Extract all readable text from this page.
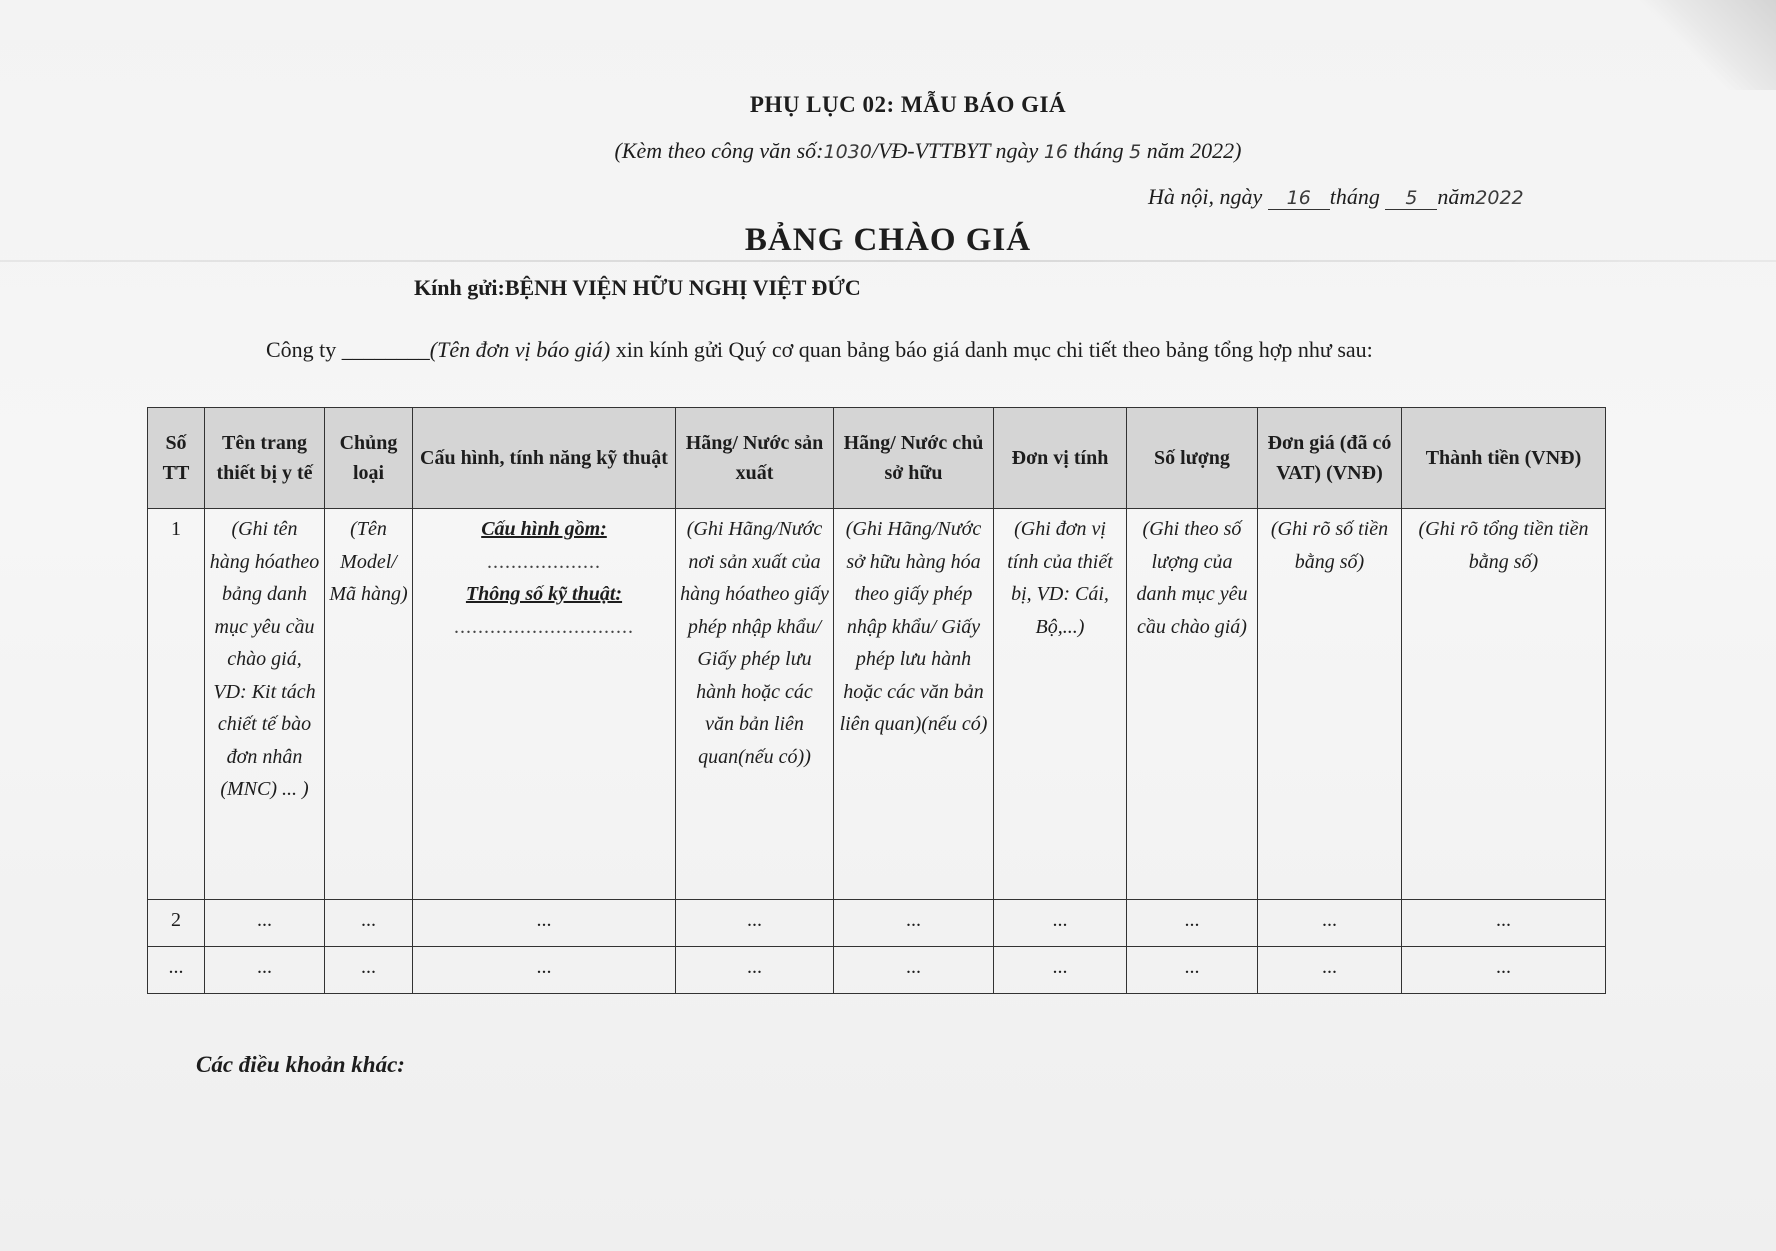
PHỤ LỤC 02: MẪU BÁO GIÁ
(Kèm theo công văn số:1030/VĐ-VTTBYT ngày 16 tháng 5 năm 2022)
Hà nội, ngày 16 tháng 5 năm2022
BẢNG CHÀO GIÁ
Kính gửi:BỆNH VIỆN HỮU NGHỊ VIỆT ĐỨC
Công ty ________(Tên đơn vị báo giá) xin kính gửi Quý cơ quan bảng báo giá danh mục chi tiết theo bảng tổng hợp như sau:
Số TT	Tên trang thiết bị y tế	Chủng loại	Cấu hình, tính năng kỹ thuật	Hãng/ Nước sản xuất	Hãng/ Nước chủ sở hữu	Đơn vị tính	Số lượng	Đơn giá (đã có VAT) (VNĐ)	Thành tiền (VNĐ)
1	(Ghi tên hàng hóatheo bảng danh mục yêu cầu chào giá, VD: Kit tách chiết tế bào đơn nhân (MNC) ... )	(Tên Model/ Mã hàng)	Cấu hình gồm:
...................
Thông số kỹ thuật:
..............................	(Ghi Hãng/Nước nơi sản xuất của hàng hóatheo giấy phép nhập khẩu/ Giấy phép lưu hành hoặc các văn bản liên quan(nếu có))	(Ghi Hãng/Nước sở hữu hàng hóa theo giấy phép nhập khẩu/ Giấy phép lưu hành hoặc các văn bản liên quan)(nếu có)	(Ghi đơn vị tính của thiết bị, VD: Cái, Bộ,...)	(Ghi theo số lượng của danh mục yêu cầu chào giá)	(Ghi rõ số tiền bằng số)	(Ghi rõ tổng tiền tiền bằng số)
2	...	...	...	...	...	...	...	...	...
...	...	...	...	...	...	...	...	...	...
Các điều khoản khác:
